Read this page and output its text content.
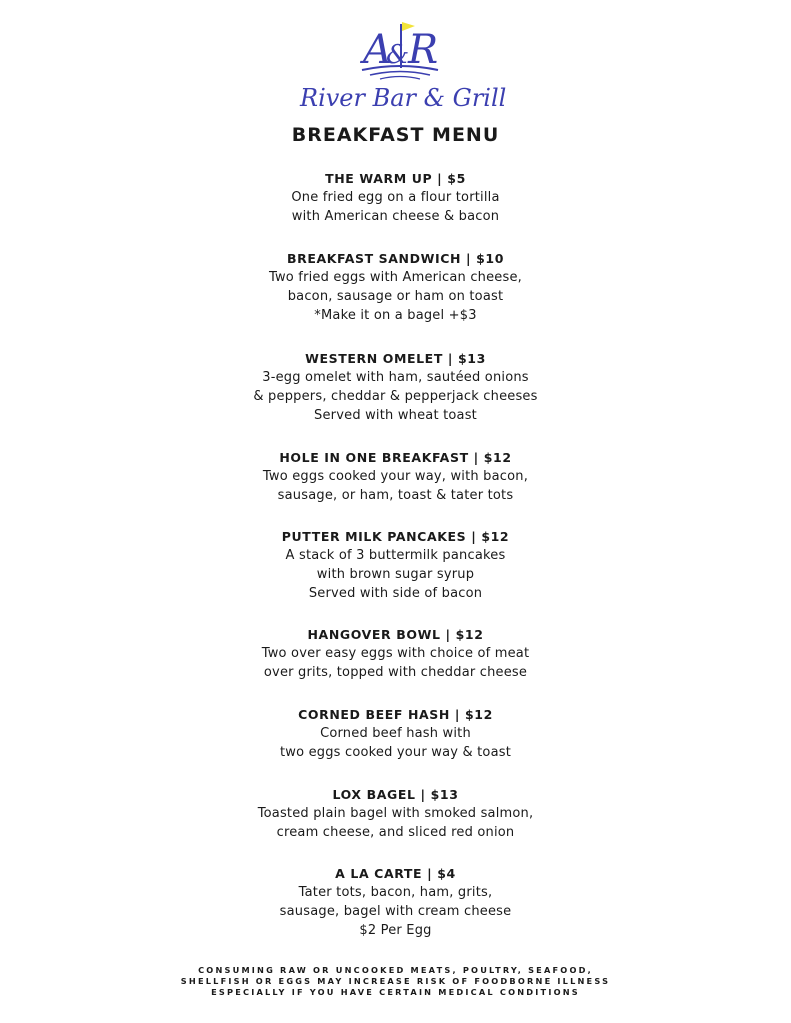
A
&
R
River Bar & Grill
BREAKFAST MENU
THE WARM UP | $5
One fried egg on a flour tortilla
with American cheese & bacon
BREAKFAST SANDWICH | $10
Two fried eggs with American cheese,
bacon, sausage or ham on toast
*Make it on a bagel +$3
WESTERN OMELET | $13
3-egg omelet with ham, sautéed onions
& peppers, cheddar & pepperjack cheeses
Served with wheat toast
HOLE IN ONE BREAKFAST | $12
Two eggs cooked your way, with bacon,
sausage, or ham, toast & tater tots
PUTTER MILK PANCAKES | $12
A stack of 3 buttermilk pancakes
with brown sugar syrup
Served with side of bacon
HANGOVER BOWL | $12
Two over easy eggs with choice of meat
over grits, topped with cheddar cheese
CORNED BEEF HASH | $12
Corned beef hash with
two eggs cooked your way & toast
LOX BAGEL | $13
Toasted plain bagel with smoked salmon,
cream cheese, and sliced red onion
A LA CARTE | $4
Tater tots, bacon, ham, grits,
sausage, bagel with cream cheese
$2 Per Egg
CONSUMING RAW OR UNCOOKED MEATS, POULTRY, SEAFOOD,
SHELLFISH OR EGGS MAY INCREASE RISK OF FOODBORNE ILLNESS
ESPECIALLY IF YOU HAVE CERTAIN MEDICAL CONDITIONS
